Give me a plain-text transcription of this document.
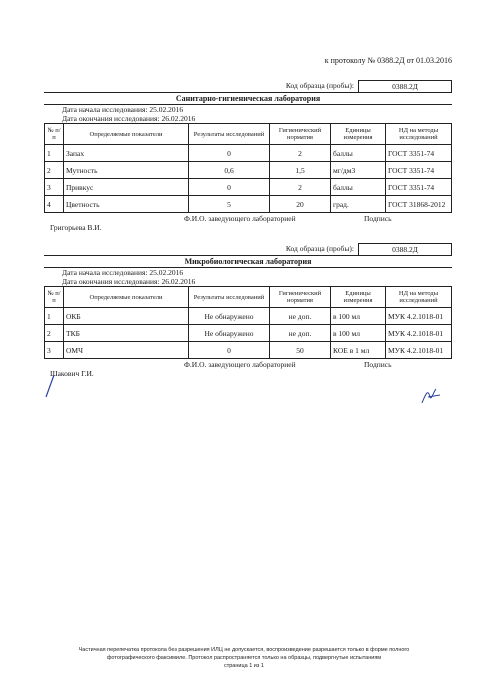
к протоколу № 0388.2Д от 01.03.2016
Код образца (пробы):	0388.2Д
Санитарно-гигиеническая лаборатория
Дата начала исследования: 25.02.2016
Дата окончания исследования: 26.02.2016
№ п/п	Определяемые показатели	Результаты исследований	Гигиенический норматив	Единицы измерения	НД на методы исследований
1	Запах	0	2	баллы	ГОСТ 3351-74
2	Мутность	0,6	1,5	мг/дм3	ГОСТ 3351-74
3	Привкус	0	2	баллы	ГОСТ 3351-74
4	Цветность	5	20	град.	ГОСТ 31868-2012
Ф.И.О. заведующего лабораторией	Подпись
Григорьева В.И.
Код образца (пробы):	0388.2Д
Микробиологическая лаборатория
Дата начала исследования: 25.02.2016
Дата окончания исследования: 26.02.2016
№ п/п	Определяемые показатели	Результаты исследований	Гигиенический норматив	Единицы измерения	НД на методы исследований
1	ОКБ	Не обнаружено	не доп.	в 100 мл	МУК 4.2.1018-01
2	ТКБ	Не обнаружено	не доп.	в 100 мл	МУК 4.2.1018-01
3	ОМЧ	0	50	КОЕ в 1 мл	МУК 4.2.1018-01
Ф.И.О. заведующего лабораторией	Подпись
Шакович Г.И.
Частичная перепечатка протокола без разрешения ИЛЦ не допускается, воспроизведение разрешается только в форме полного
фотографического факсимиле. Протокол распространяется только на образцы, подвергнутые испытаниям
страница 1 из 1
